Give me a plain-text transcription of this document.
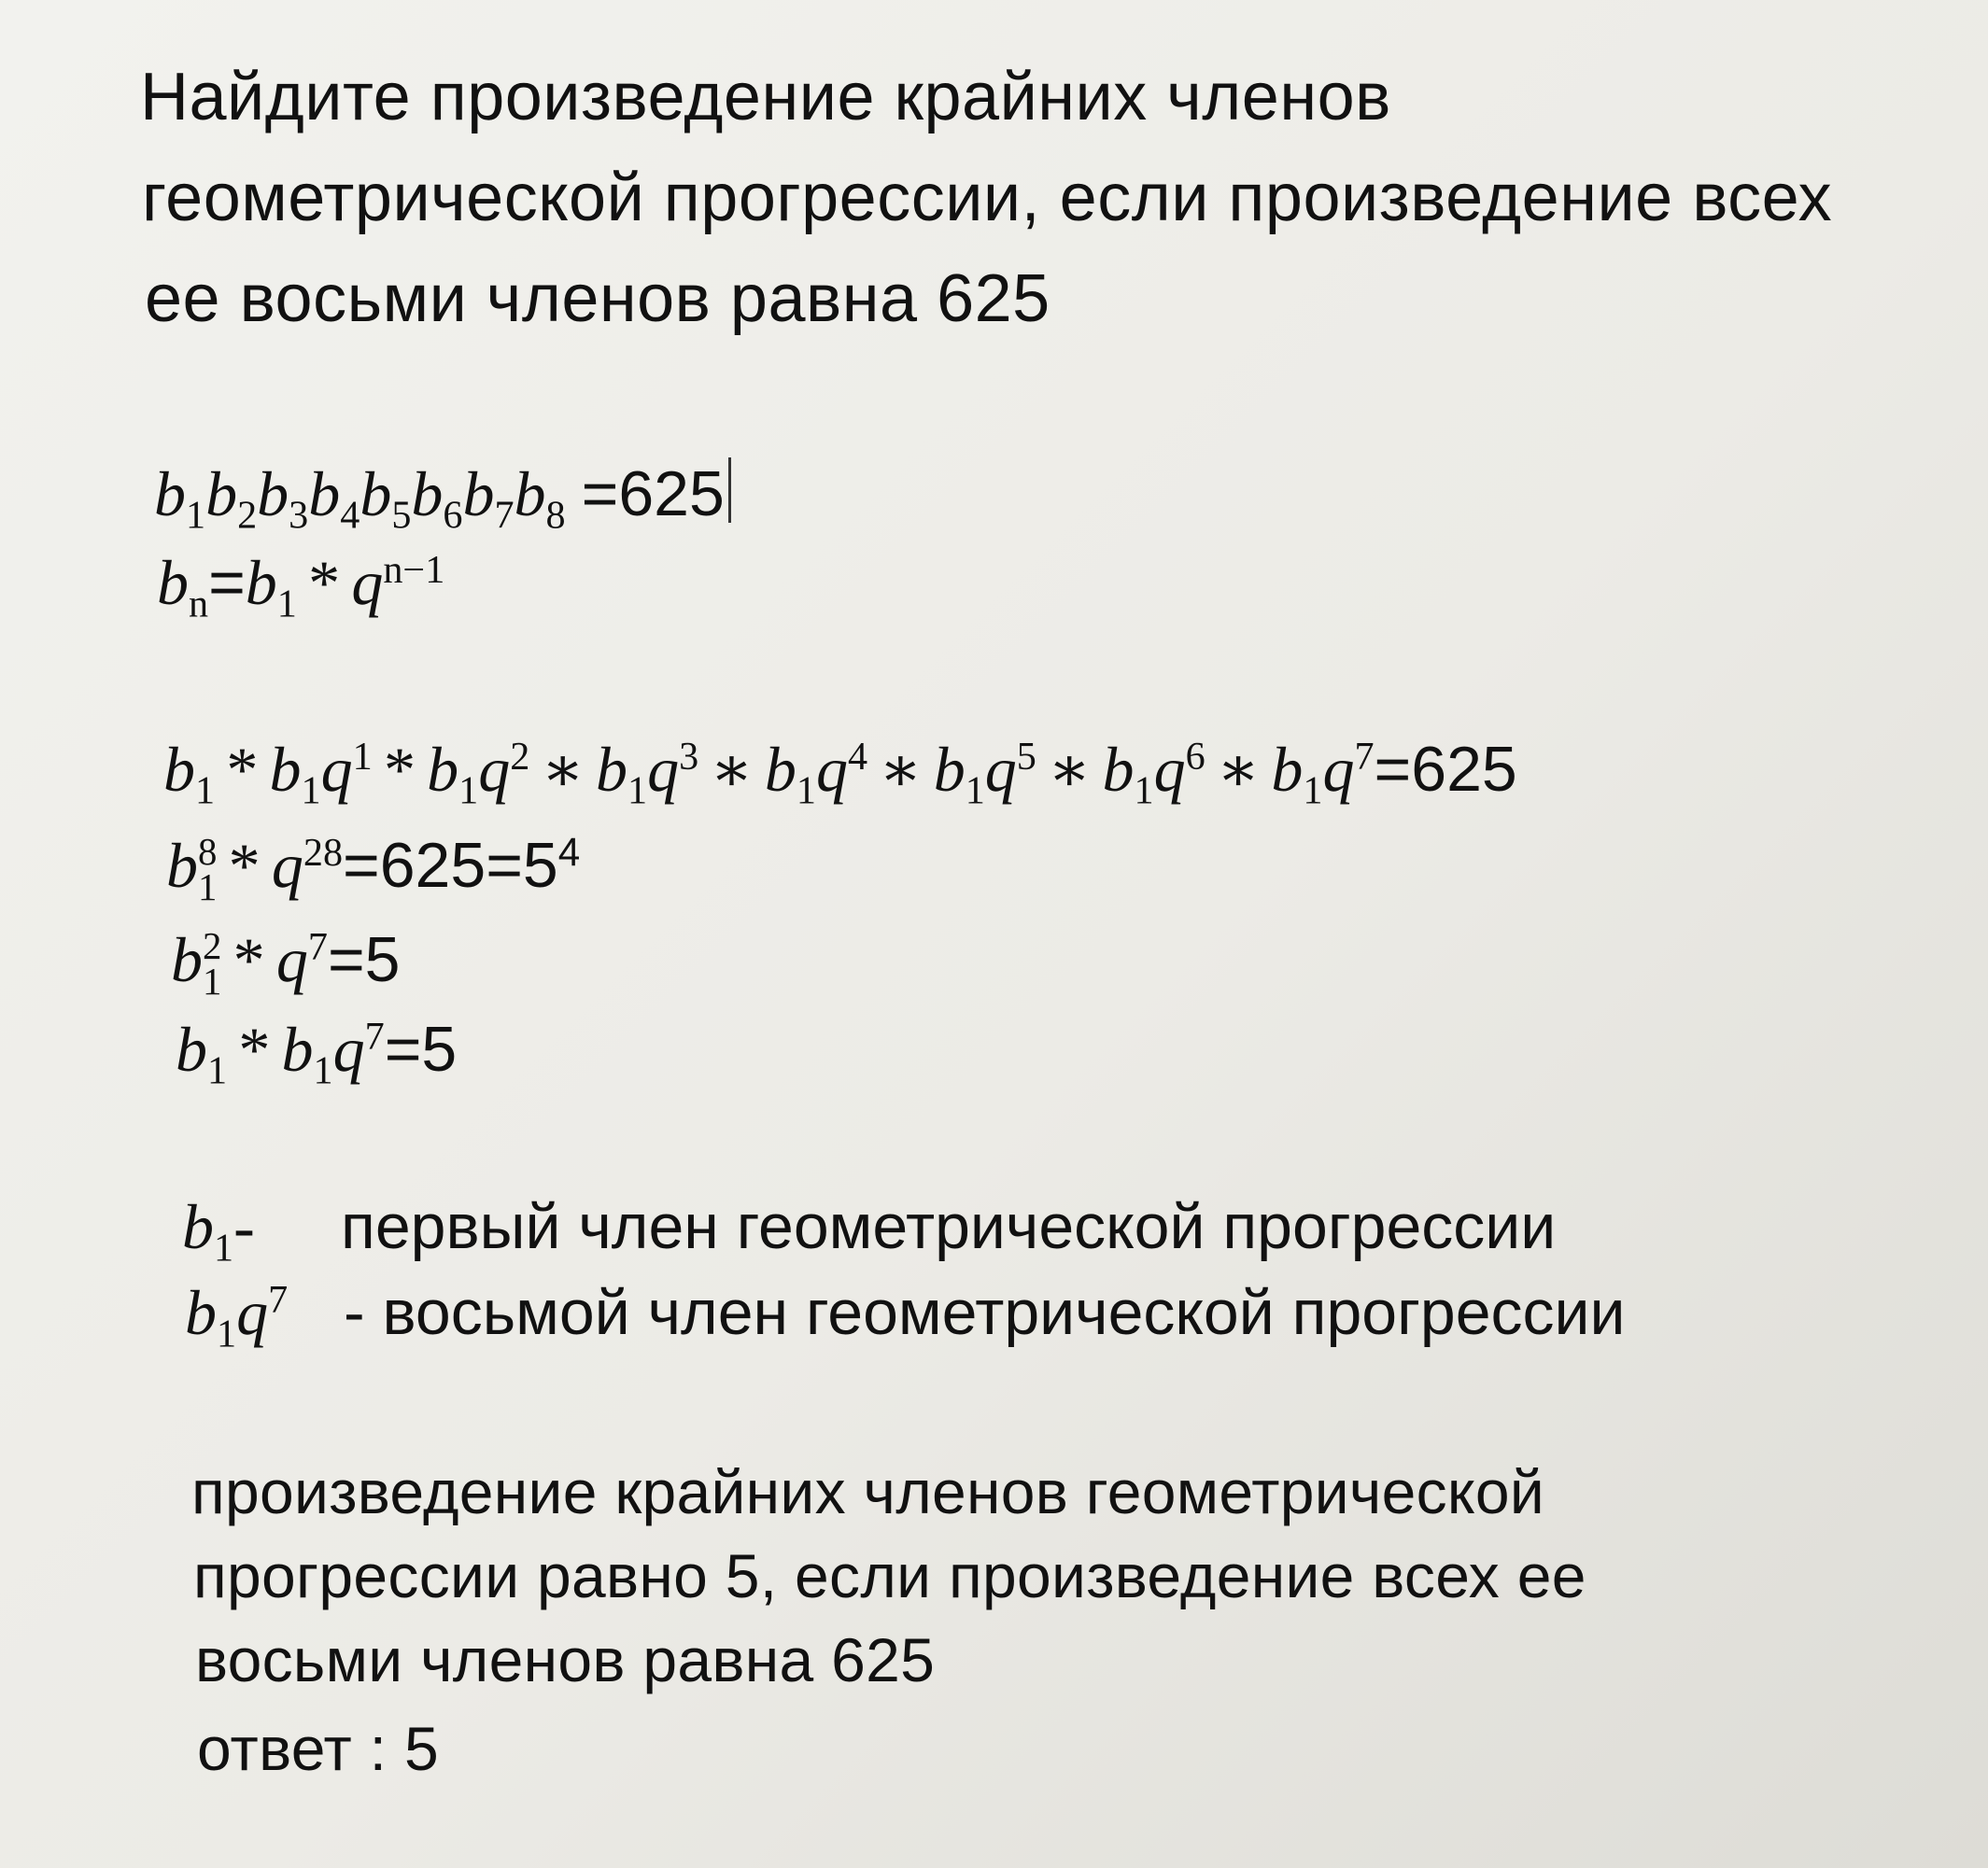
Найдите произведение крайних членов
геометрической прогрессии, если произведение всех
ее восьми членов равна 625
$b_1b_2b_3b_4b_5b_6b_7b_8 =625$
$b_n=b_1 * q^{n-1}$
$b_1 * b_1q^1 * b_1q^2$ ∗ $b_1q^3$ ∗ $b_1q^4$ ∗ $b_1q^5$ ∗ $b_1q^6$ ∗ $b_1q^7=625$
b 8
$1 * q^{28}=625=5^4$
b 2
$1 * q^7=5$
$b_1 * b_1q^7=5$
$b_1-$ первый член геометрической прогрессии
$b_1q^7$ - восьмой член геометрической прогрессии
произведение крайних членов геометрической
прогрессии равно 5, если произведение всех ее
восьми членов равна 625
ответ : 5
